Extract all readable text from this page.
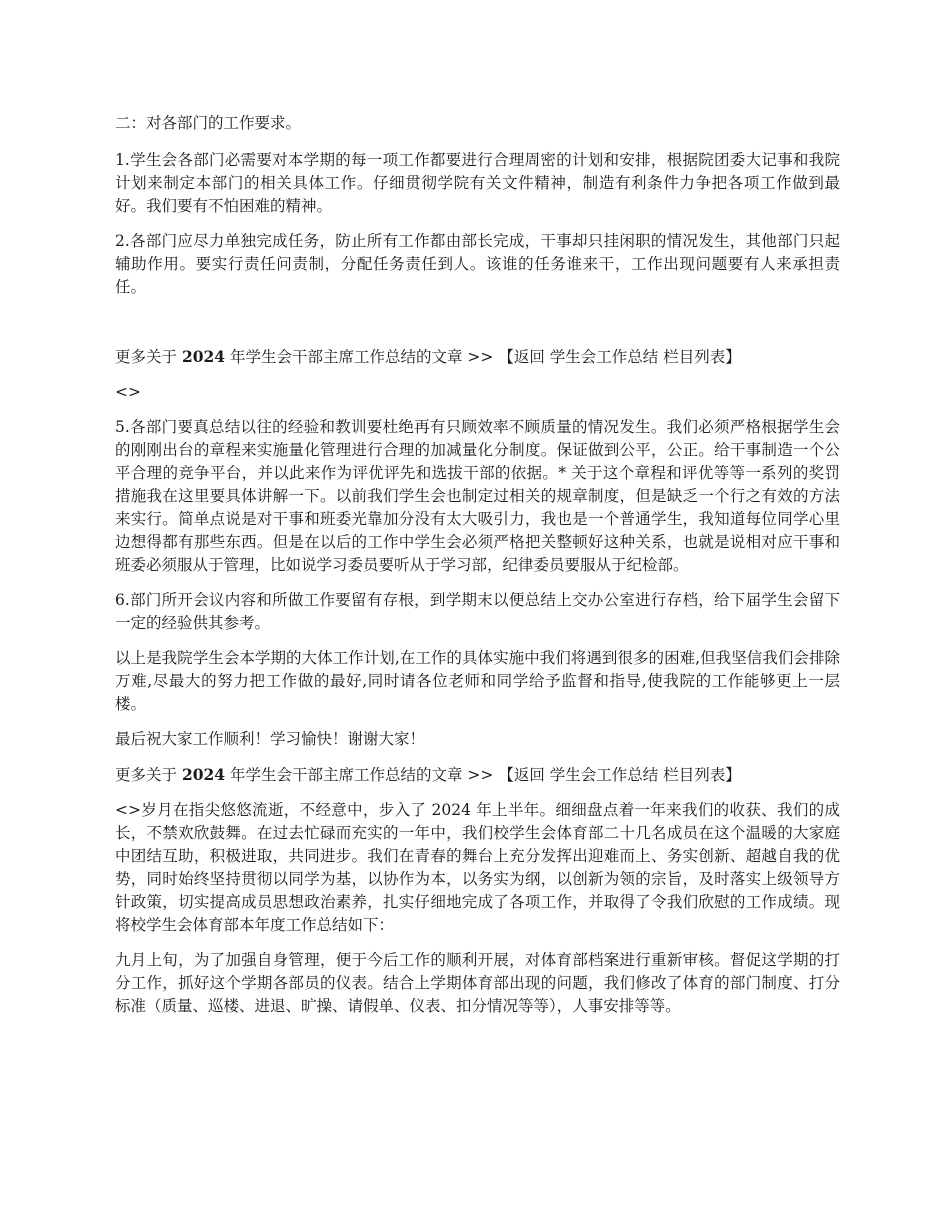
二：对各部门的工作要求。

1.学生会各部门必需要对本学期的每一项工作都要进行合理周密的计划和安排，根据院团委大记事和我院计划来制定本部门的相关具体工作。仔细贯彻学院有关文件精神，制造有利条件力争把各项工作做到最好。我们要有不怕困难的精神。

2.各部门应尽力单独完成任务，防止所有工作都由部长完成，干事却只挂闲职的情况发生，其他部门只起辅助作用。要实行责任问责制，分配任务责任到人。该谁的任务谁来干，工作出现问题要有人来承担责任。

更多关于 2024 年学生会干部主席工作总结的文章 >> 【返回 学生会工作总结 栏目列表】

<>

5.各部门要真总结以往的经验和教训要杜绝再有只顾效率不顾质量的情况发生。我们必须严格根据学生会的刚刚出台的章程来实施量化管理进行合理的加减量化分制度。保证做到公平，公正。给干事制造一个公平合理的竞争平台，并以此来作为评优评先和选拔干部的依据。* 关于这个章程和评优等等一系列的奖罚措施我在这里要具体讲解一下。以前我们学生会也制定过相关的规章制度，但是缺乏一个行之有效的方法来实行。简单点说是对干事和班委光靠加分没有太大吸引力，我也是一个普通学生，我知道每位同学心里边想得都有那些东西。但是在以后的工作中学生会必须严格把关整顿好这种关系，也就是说相对应干事和班委必须服从于管理，比如说学习委员要听从于学习部，纪律委员要服从于纪检部。

6.部门所开会议内容和所做工作要留有存根，到学期末以便总结上交办公室进行存档，给下届学生会留下一定的经验供其参考。

以上是我院学生会本学期的大体工作计划,在工作的具体实施中我们将遇到很多的困难,但我坚信我们会排除万难,尽最大的努力把工作做的最好,同时请各位老师和同学给予监督和指导,使我院的工作能够更上一层楼。

最后祝大家工作顺利！学习愉快！谢谢大家！

更多关于 2024 年学生会干部主席工作总结的文章 >> 【返回 学生会工作总结 栏目列表】

<>岁月在指尖悠悠流逝，不经意中，步入了 2024 年上半年。细细盘点着一年来我们的收获、我们的成长，不禁欢欣鼓舞。在过去忙碌而充实的一年中，我们校学生会体育部二十几名成员在这个温暖的大家庭中团结互助，积极进取，共同进步。我们在青春的舞台上充分发挥出迎难而上、务实创新、超越自我的优势，同时始终坚持贯彻以同学为基，以协作为本，以务实为纲，以创新为领的宗旨，及时落实上级领导方针政策，切实提高成员思想政治素养，扎实仔细地完成了各项工作，并取得了令我们欣慰的工作成绩。现将校学生会体育部本年度工作总结如下：

九月上旬，为了加强自身管理，便于今后工作的顺利开展，对体育部档案进行重新审核。督促这学期的打分工作，抓好这个学期各部员的仪表。结合上学期体育部出现的问题，我们修改了体育的部门制度、打分标准（质量、巡楼、进退、旷操、请假单、仪表、扣分情况等等），人事安排等等。
